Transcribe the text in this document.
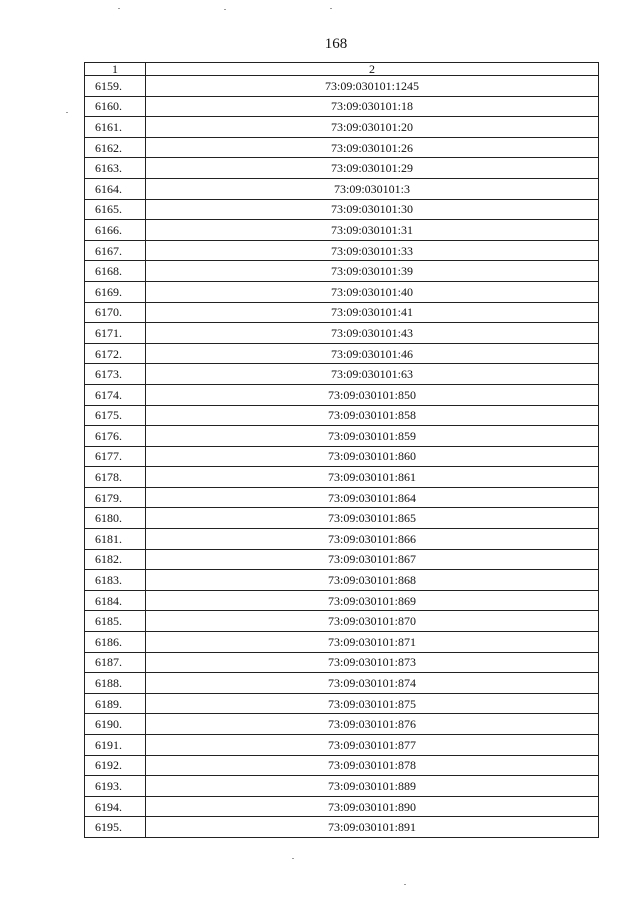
168
1	2
6159.	73:09:030101:1245
6160.	73:09:030101:18
6161.	73:09:030101:20
6162.	73:09:030101:26
6163.	73:09:030101:29
6164.	73:09:030101:3
6165.	73:09:030101:30
6166.	73:09:030101:31
6167.	73:09:030101:33
6168.	73:09:030101:39
6169.	73:09:030101:40
6170.	73:09:030101:41
6171.	73:09:030101:43
6172.	73:09:030101:46
6173.	73:09:030101:63
6174.	73:09:030101:850
6175.	73:09:030101:858
6176.	73:09:030101:859
6177.	73:09:030101:860
6178.	73:09:030101:861
6179.	73:09:030101:864
6180.	73:09:030101:865
6181.	73:09:030101:866
6182.	73:09:030101:867
6183.	73:09:030101:868
6184.	73:09:030101:869
6185.	73:09:030101:870
6186.	73:09:030101:871
6187.	73:09:030101:873
6188.	73:09:030101:874
6189.	73:09:030101:875
6190.	73:09:030101:876
6191.	73:09:030101:877
6192.	73:09:030101:878
6193.	73:09:030101:889
6194.	73:09:030101:890
6195.	73:09:030101:891
